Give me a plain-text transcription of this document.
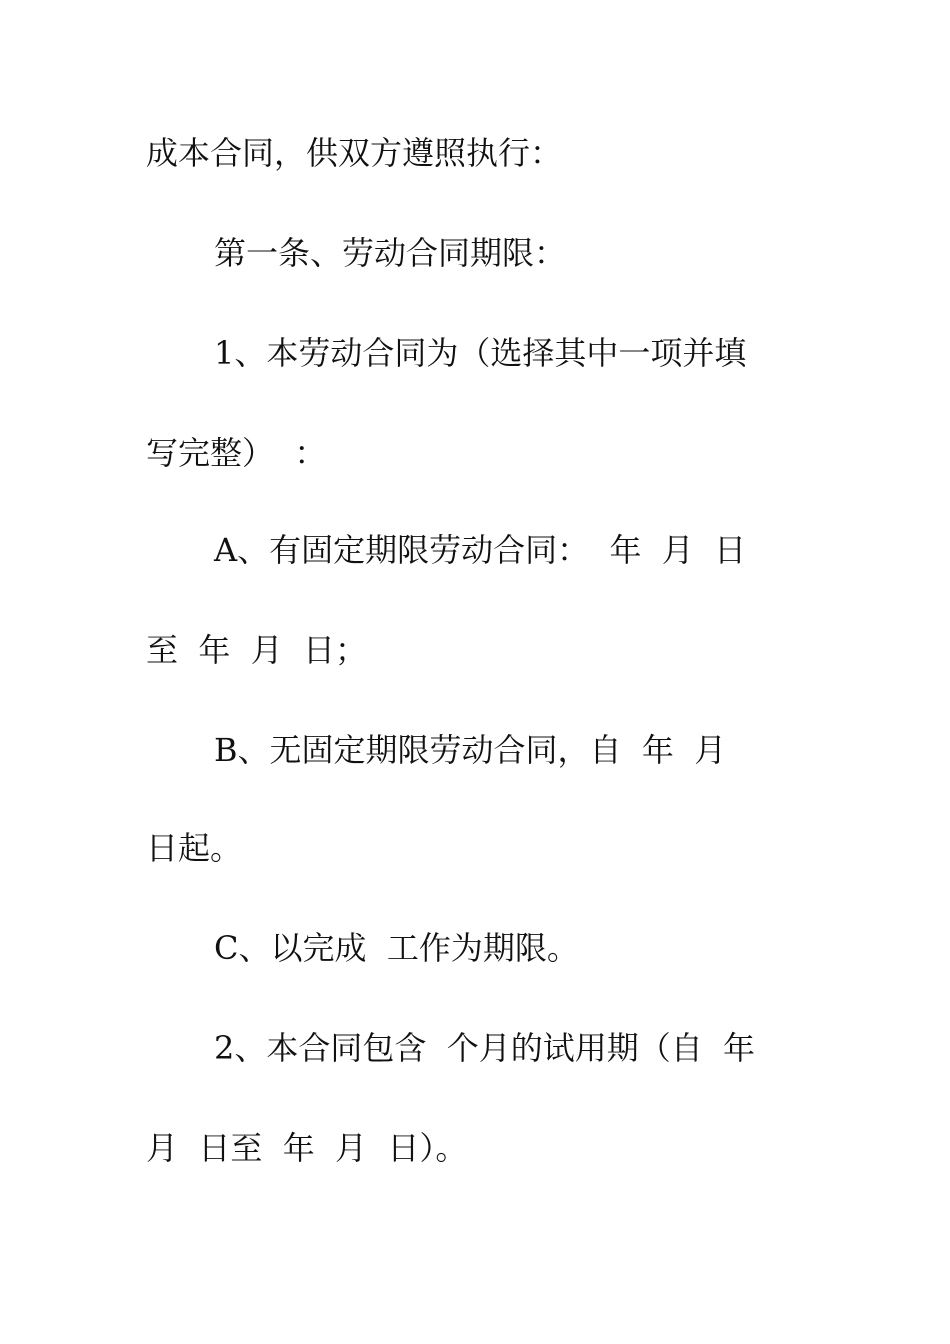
成本合同，供双方遵照执行：
第一条、劳动合同期限：
1、本劳动合同为（选择其中一项并填
写完整）  ：
A、有固定期限劳动合同：  年  月  日
至  年  月  日；
B、无固定期限劳动合同，自  年  月
日起。
C、以完成  工作为期限。
2、本合同包含  个月的试用期（自  年
月  日至  年  月  日）。
